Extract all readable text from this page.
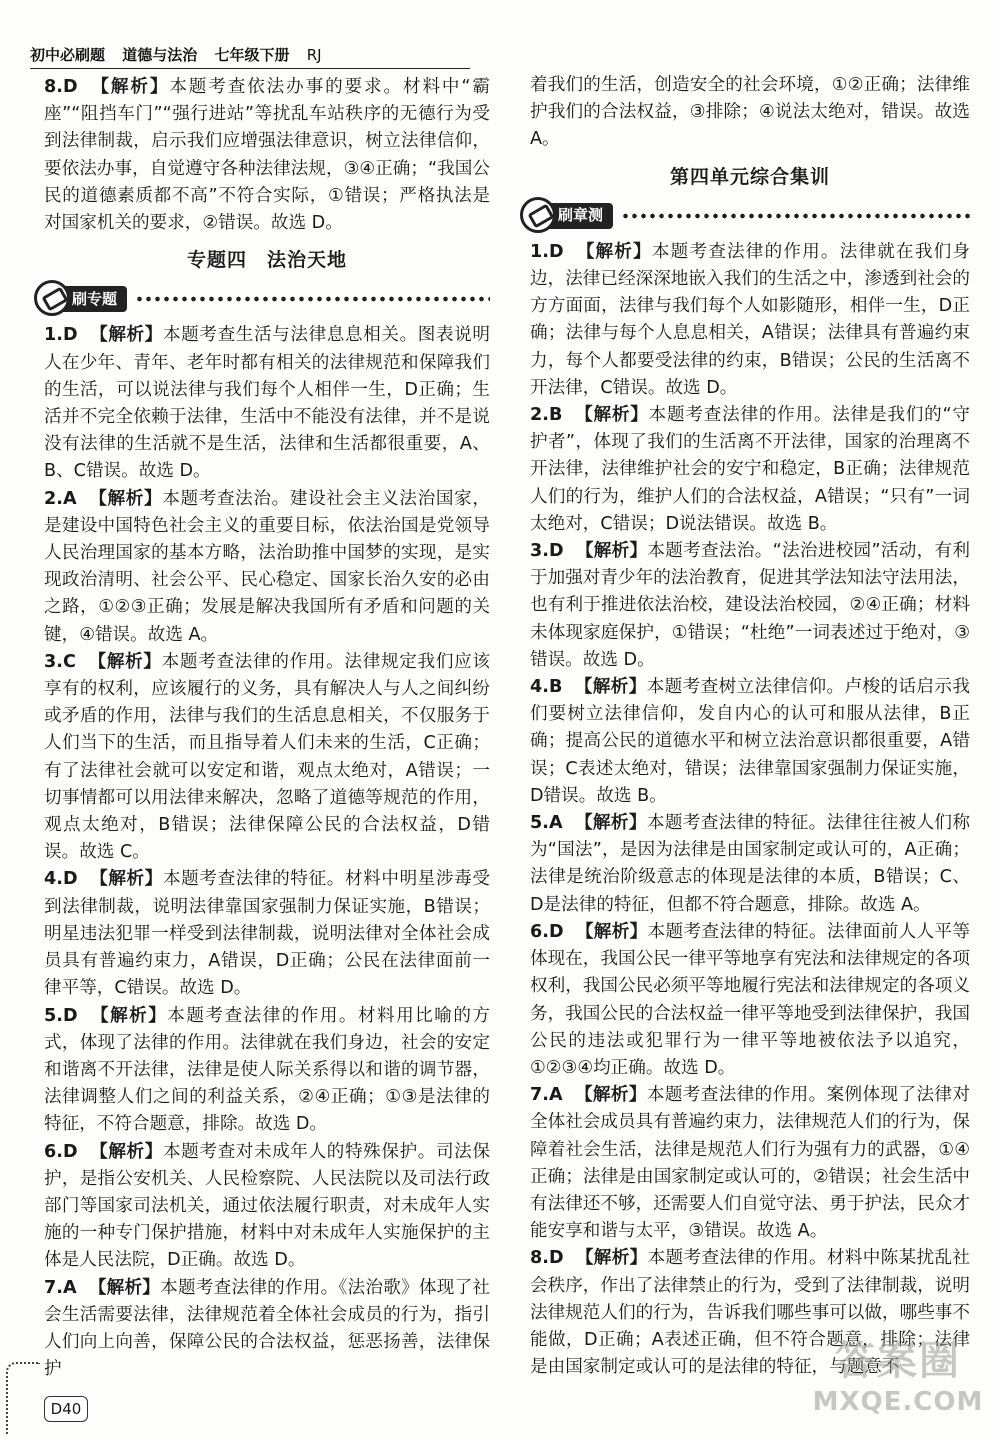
初中必刷题 道德与法治 七年级下册 RJ
8.D 【解析】本题考查依法办事的要求。材料中“霸座”“阻挡车门”“强行进站”等扰乱车站秩序的无德行为受到法律制裁，启示我们应增强法律意识，树立法律信仰，要依法办事，自觉遵守各种法律法规，③④正确；“我国公民的道德素质都不高”不符合实际，①错误；严格执法是对国家机关的要求，②错误。故选 D。
专题四　法治天地
刷专题
1.D 【解析】本题考查生活与法律息息相关。图表说明人在少年、青年、老年时都有相关的法律规范和保障我们的生活，可以说法律与我们每个人相伴一生，D正确；生活并不完全依赖于法律，生活中不能没有法律，并不是说没有法律的生活就不是生活，法律和生活都很重要，A、B、C错误。故选 D。
2.A 【解析】本题考查法治。建设社会主义法治国家，是建设中国特色社会主义的重要目标，依法治国是党领导人民治理国家的基本方略，法治助推中国梦的实现，是实现政治清明、社会公平、民心稳定、国家长治久安的必由之路，①②③正确；发展是解决我国所有矛盾和问题的关键，④错误。故选 A。
3.C 【解析】本题考查法律的作用。法律规定我们应该享有的权利，应该履行的义务，具有解决人与人之间纠纷或矛盾的作用，法律与我们的生活息息相关，不仅服务于人们当下的生活，而且指导着人们未来的生活，C正确；有了法律社会就可以安定和谐，观点太绝对，A错误；一切事情都可以用法律来解决，忽略了道德等规范的作用，观点太绝对，B错误；法律保障公民的合法权益，D错误。故选 C。
4.D 【解析】本题考查法律的特征。材料中明星涉毒受到法律制裁，说明法律靠国家强制力保证实施，B错误；明星违法犯罪一样受到法律制裁，说明法律对全体社会成员具有普遍约束力，A错误，D正确；公民在法律面前一律平等，C错误。故选 D。
5.D 【解析】本题考查法律的作用。材料用比喻的方式，体现了法律的作用。法律就在我们身边，社会的安定和谐离不开法律，法律是使人际关系得以和谐的调节器，法律调整人们之间的利益关系，②④正确；①③是法律的特征，不符合题意，排除。故选 D。
6.D 【解析】本题考查对未成年人的特殊保护。司法保护，是指公安机关、人民检察院、人民法院以及司法行政部门等国家司法机关，通过依法履行职责，对未成年人实施的一种专门保护措施，材料中对未成年人实施保护的主体是人民法院，D正确。故选 D。
7.A 【解析】本题考查法律的作用。《法治歌》体现了社会生活需要法律，法律规范着全体社会成员的行为，指引人们向上向善，保障公民的合法权益，惩恶扬善，法律保护
着我们的生活，创造安全的社会环境，①②正确；法律维护我们的合法权益，③排除；④说法太绝对，错误。故选 A。
第四单元综合集训
刷章测
1.D 【解析】本题考查法律的作用。法律就在我们身边，法律已经深深地嵌入我们的生活之中，渗透到社会的方方面面，法律与我们每个人如影随形，相伴一生，D正确；法律与每个人息息相关，A错误；法律具有普遍约束力，每个人都要受法律的约束，B错误；公民的生活离不开法律，C错误。故选 D。
2.B 【解析】本题考查法律的作用。法律是我们的“守护者”，体现了我们的生活离不开法律，国家的治理离不开法律，法律维护社会的安宁和稳定，B正确；法律规范人们的行为，维护人们的合法权益，A错误；“只有”一词太绝对，C错误；D说法错误。故选 B。
3.D 【解析】本题考查法治。“法治进校园”活动，有利于加强对青少年的法治教育，促进其学法知法守法用法，也有利于推进依法治校，建设法治校园，②④正确；材料未体现家庭保护，①错误；“杜绝”一词表述过于绝对，③错误。故选 D。
4.B 【解析】本题考查树立法律信仰。卢梭的话启示我们要树立法律信仰，发自内心的认可和服从法律，B正确；提高公民的道德水平和树立法治意识都很重要，A错误；C表述太绝对，错误；法律靠国家强制力保证实施，D错误。故选 B。
5.A 【解析】本题考查法律的特征。法律往往被人们称为“国法”，是因为法律是由国家制定或认可的，A正确；法律是统治阶级意志的体现是法律的本质，B错误；C、D是法律的特征，但都不符合题意，排除。故选 A。
6.D 【解析】本题考查法律的特征。法律面前人人平等体现在，我国公民一律平等地享有宪法和法律规定的各项权利，我国公民必须平等地履行宪法和法律规定的各项义务，我国公民的合法权益一律平等地受到法律保护，我国公民的违法或犯罪行为一律平等地被依法予以追究，①②③④均正确。故选 D。
7.A 【解析】本题考查法律的作用。案例体现了法律对全体社会成员具有普遍约束力，法律规范人们的行为，保障着社会生活，法律是规范人们行为强有力的武器，①④正确；法律是由国家制定或认可的，②错误；社会生活中有法律还不够，还需要人们自觉守法、勇于护法，民众才能安享和谐与太平，③错误。故选 A。
8.D 【解析】本题考查法律的作用。材料中陈某扰乱社会秩序，作出了法律禁止的行为，受到了法律制裁，说明法律规范人们的行为，告诉我们哪些事可以做，哪些事不能做，D正确；A表述正确，但不符合题意，排除；法律是由国家制定或认可的是法律的特征，与题意不
D40
答案圈
MXQE.COM
